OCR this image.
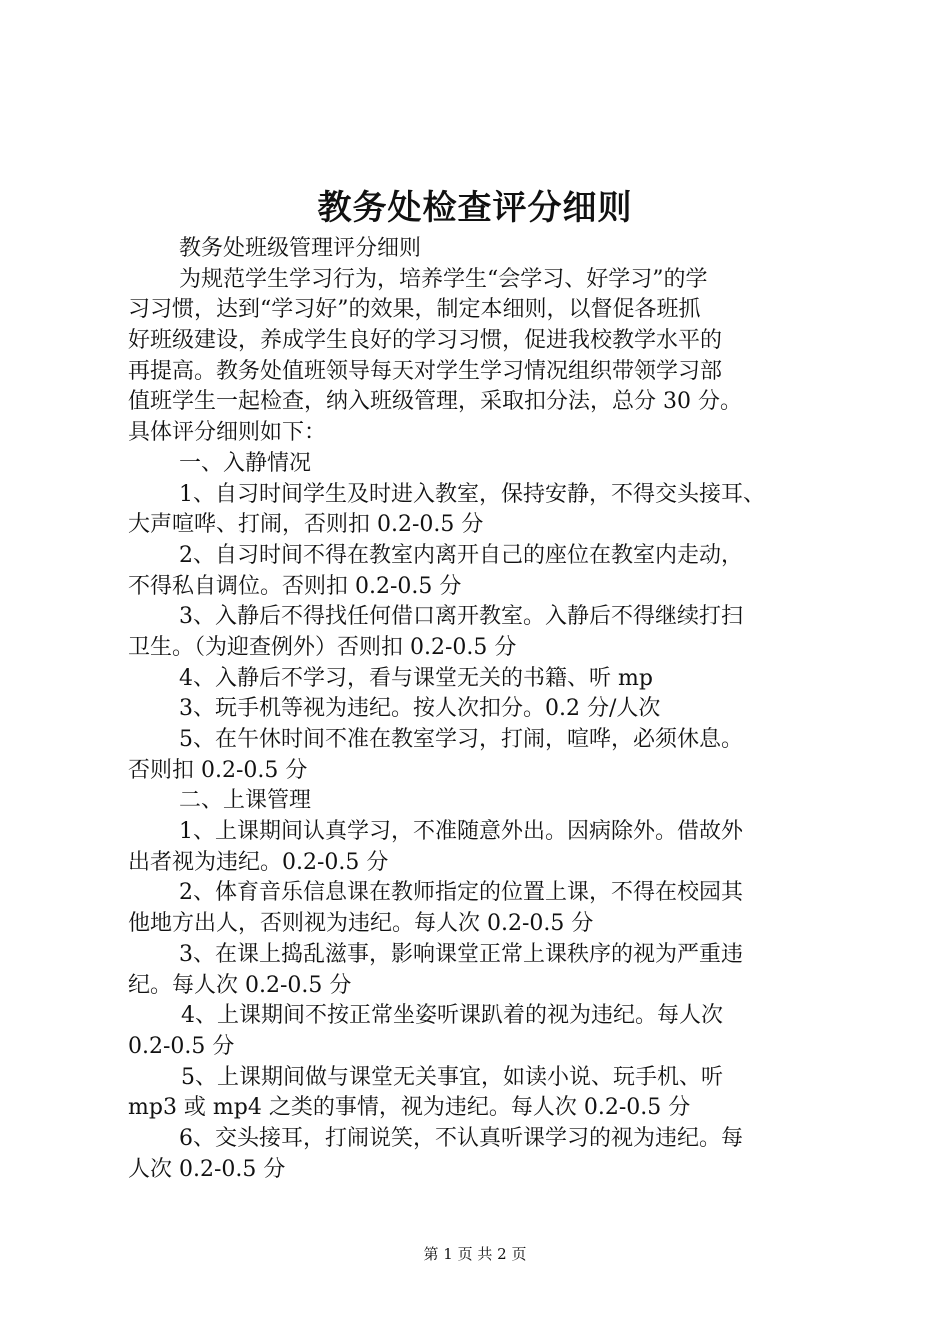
教务处检查评分细则
教务处班级管理评分细则
为规范学生学习行为，培养学生“会学习、好学习”的学
习习惯，达到“学习好”的效果，制定本细则，以督促各班抓
好班级建设，养成学生良好的学习习惯，促进我校教学水平的
再提高。教务处值班领导每天对学生学习情况组织带领学习部
值班学生一起检查，纳入班级管理，采取扣分法，总分 30 分。
具体评分细则如下：
一、入静情况
1、自习时间学生及时进入教室，保持安静，不得交头接耳、
大声喧哗、打闹，否则扣 0.2-0.5 分
2、自习时间不得在教室内离开自己的座位在教室内走动，
不得私自调位。否则扣 0.2-0.5 分
3、入静后不得找任何借口离开教室。入静后不得继续打扫
卫生。（为迎查例外）否则扣 0.2-0.5 分
4、入静后不学习，看与课堂无关的书籍、听 mp
3、玩手机等视为违纪。按人次扣分。0.2 分/人次
5、在午休时间不准在教室学习，打闹，喧哗，必须休息。
否则扣 0.2-0.5 分
二、上课管理
1、上课期间认真学习，不准随意外出。因病除外。借故外
出者视为违纪。0.2-0.5 分
2、体育音乐信息课在教师指定的位置上课，不得在校园其
他地方出人，否则视为违纪。每人次 0.2-0.5 分
3、在课上捣乱滋事，影响课堂正常上课秩序的视为严重违
纪。每人次 0.2-0.5 分
4、上课期间不按正常坐姿听课趴着的视为违纪。每人次
0.2-0.5 分
5、上课期间做与课堂无关事宜，如读小说、玩手机、听
mp3 或 mp4 之类的事情，视为违纪。每人次 0.2-0.5 分
6、交头接耳，打闹说笑，不认真听课学习的视为违纪。每
人次 0.2-0.5 分
第 1 页 共 2 页
